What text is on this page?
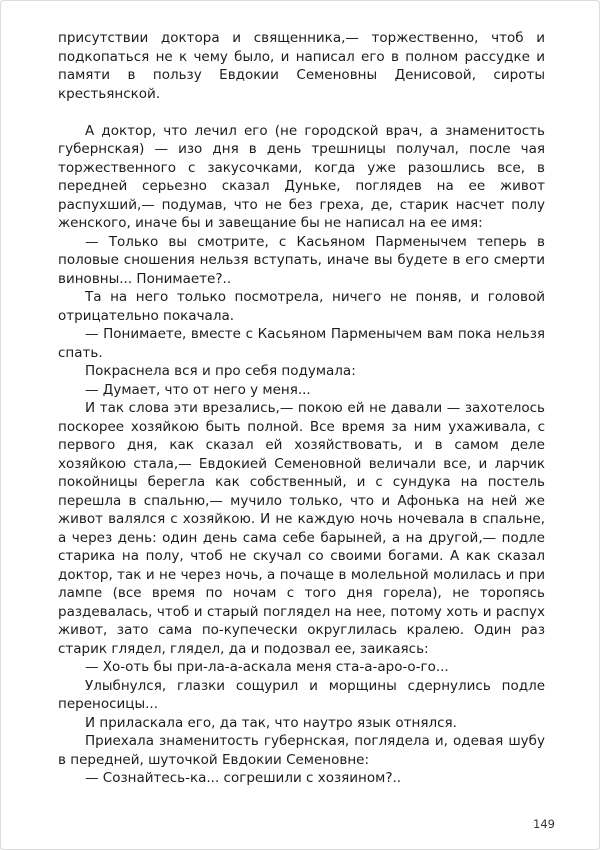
присутствии доктора и священника,— торжественно, чтоб и подкопаться не к чему было, и написал его в полном рассудке и памяти в пользу Евдокии Семеновны Денисовой, сироты крестьянской.

А доктор, что лечил его (не городской врач, а знаменитость губернская) — изо дня в день трешницы получал, после чая торжественного с закусочками, когда уже разошлись все, в передней серьезно сказал Дуньке, поглядев на ее живот распухший,— подумав, что не без греха, де, старик насчет полу женского, иначе бы и завещание бы не написал на ее имя:

— Только вы смотрите, с Касьяном Парменычем теперь в половые сношения нельзя вступать, иначе вы будете в его смерти виновны... Понимаете?..

Та на него только посмотрела, ничего не поняв, и головой отрицательно покачала.

— Понимаете, вместе с Касьяном Парменычем вам пока нельзя спать.

Покраснела вся и про себя подумала:

— Думает, что от него у меня...

И так слова эти врезались,— покою ей не давали — захотелось поскорее хозяйкою быть полной. Все время за ним ухаживала, с первого дня, как сказал ей хозяйствовать, и в самом деле хозяйкою стала,— Евдокией Семеновной величали все, и ларчик покойницы берегла как собственный, и с сундука на постель перешла в спальню,— мучило только, что и Афонька на ней же живот валялся с хозяйкою. И не каждую ночь ночевала в спальне, а через день: один день сама себе барыней, а на другой,— подле старика на полу, чтоб не скучал со своими богами. А как сказал доктор, так и не через ночь, а почаще в молельной молилась и при лампе (все время по ночам с того дня горела), не торопясь раздевалась, чтоб и старый поглядел на нее, потому хоть и распух живот, зато сама по-купечески округлилась кралею. Один раз старик глядел, глядел, да и подозвал ее, заикаясь:

— Хо-оть бы при-ла-а-аскала меня ста-а-аро-о-го...

Улыбнулся, глазки сощурил и морщины сдернулись подле переносицы...

И приласкала его, да так, что наутро язык отнялся.

Приехала знаменитость губернская, поглядела и, одевая шубу в передней, шуточкой Евдокии Семеновне:

— Сознайтесь-ка... согрешили с хозяином?..

149
